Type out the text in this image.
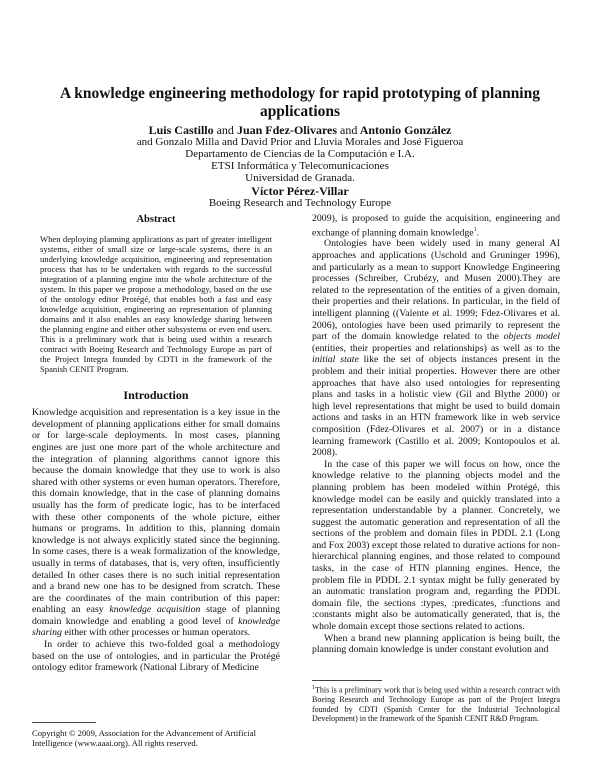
A knowledge engineering methodology for rapid prototyping of planning applications
Luis Castillo and Juan Fdez-Olivares and Antonio González
and Gonzalo Milla and David Prior and Lluvia Morales and José Figueroa
Departamento de Ciencias de la Computación e I.A.
ETSI Informática y Telecomunicaciones
Universidad de Granada.
Víctor Pérez-Villar
Boeing Research and Technology Europe
Abstract

When deploying planning applications as part of greater intelligent systems, either of small size or large-scale systems, there is an underlying knowledge acquisition, engineering and representation process that has to be undertaken with regards to the successful integration of a planning engine into the whole architecture of the system. In this paper we propose a methodology, based on the use of the ontology editor Protégé, that enables both a fast and easy knowledge acquisition, engineering an representation of planning domains and it also enables an easy knowledge sharing between the planning engine and either other subsystems or even end users. This is a preliminary work that is being used within a research contract with Boeing Research and Technology Europe as part of the Project Integra founded by CDTI in the framework of the Spanish CENIT Program.

Introduction

Knowledge acquisition and representation is a key issue in the development of planning applications either for small domains or for large-scale deployments. In most cases, planning engines are just one more part of the whole architecture and the integration of planning algorithms cannot ignore this because the domain knowledge that they use to work is also shared with other systems or even human operators. Therefore, this domain knowledge, that in the case of planning domains usually has the form of predicate logic, has to be interfaced with these other components of the whole picture, either humans or programs. In addition to this, planning domain knowledge is not always explicitly stated since the beginning. In some cases, there is a weak formalization of the knowledge, usually in terms of databases, that is, very often, insufficiently detailed In other cases there is no such initial representation and a brand new one has to be designed from scratch. These are the coordinates of the main contribution of this paper: enabling an easy knowledge acquisition stage of planning domain knowledge and enabling a good level of knowledge sharing either with other processes or human operators.

In order to achieve this two-folded goal a methodology based on the use of ontologies, and in particular the Protégé ontology editor framework (National Library of Medicine

Copyright © 2009, Association for the Advancement of Artificial Intelligence (www.aaai.org). All rights reserved.

2009), is proposed to guide the acquisition, engineering and exchange of planning domain knowledge$^1$.

Ontologies have been widely used in many general AI approaches and applications (Uschold and Gruninger 1996), and particularly as a mean to support Knowledge Engineering processes (Schreiber, Crubézy, and Musen 2000).They are related to the representation of the entities of a given domain, their properties and their relations. In particular, in the field of intelligent planning ((Valente et al. 1999; Fdez-Olivares et al. 2006), ontologies have been used primarily to represent the part of the domain knowledge related to the objects model (entities, their properties and relationships) as well as to the initial state like the set of objects instances present in the problem and their initial properties. However there are other approaches that have also used ontologies for representing plans and tasks in a holistic view (Gil and Blythe 2000) or high level representations that might be used to build domain actions and tasks in an HTN framework like in web service composition (Fdez-Olivares et al. 2007) or in a distance learning framework (Castillo et al. 2009; Kontopoulos et al. 2008).

In the case of this paper we will focus on how, once the knowledge relative to the planning objects model and the planning problem has been modeled within Protégé, this knowledge model can be easily and quickly translated into a representation understandable by a planner. Concretely, we suggest the automatic generation and representation of all the sections of the problem and domain files in PDDL 2.1 (Long and Fox 2003) except those related to durative actions for non-hierarchical planning engines, and those related to compound tasks, in the case of HTN planning engines. Hence, the problem file in PDDL 2.1 syntax might be fully generated by an automatic translation program and, regarding the PDDL domain file, the sections :types, :predicates, :functions and :constants might also be automatically generated, that is, the whole domain except those sections related to actions.

When a brand new planning application is being built, the planning domain knowledge is under constant evolution and

$^1$This is a preliminary work that is being used within a research contract with Boeing Research and Technology Europe as part of the Project Integra founded by CDTI (Spanish Center for the Industrial Technological Development) in the framework of the Spanish CENIT R&D Program.
